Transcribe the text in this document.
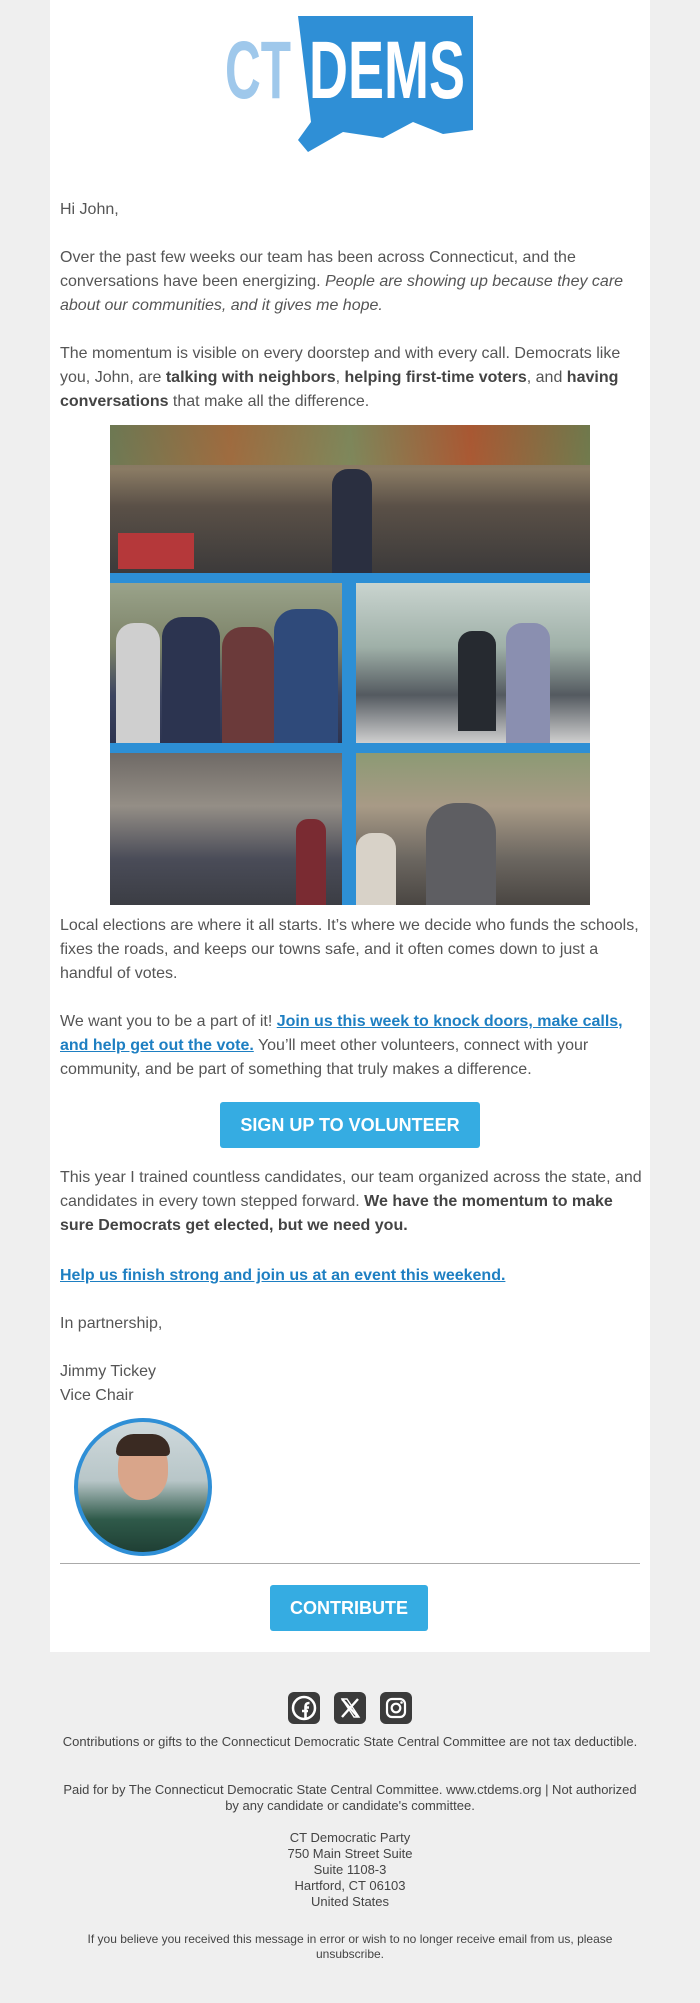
CT DEMS

Hi John,

Over the past few weeks our team has been across Connecticut, and the conversations have been energizing. People are showing up because they care about our communities, and it gives me hope.

The momentum is visible on every doorstep and with every call. Democrats like you, John, are talking with neighbors, helping first-time voters, and having conversations that make all the difference.

Local elections are where it all starts. It’s where we decide who funds the schools, fixes the roads, and keeps our towns safe, and it often comes down to just a handful of votes.

We want you to be a part of it! Join us this week to knock doors, make calls, and help get out the vote. You’ll meet other volunteers, connect with your community, and be part of something that truly makes a difference.

SIGN UP TO VOLUNTEER

This year I trained countless candidates, our team organized across the state, and candidates in every town stepped forward. We have the momentum to make sure Democrats get elected, but we need you.

Help us finish strong and join us at an event this weekend.

In partnership,

Jimmy Tickey

Vice Chair

CONTRIBUTE
Contributions or gifts to the Connecticut Democratic State Central Committee are not tax deductible.
Paid for by The Connecticut Democratic State Central Committee. www.ctdems.org | Not authorized by any candidate or candidate's committee.
CT Democratic Party
750 Main Street Suite
Suite 1108-3
Hartford, CT 06103
United States
If you believe you received this message in error or wish to no longer receive email from us, please unsubscribe.
